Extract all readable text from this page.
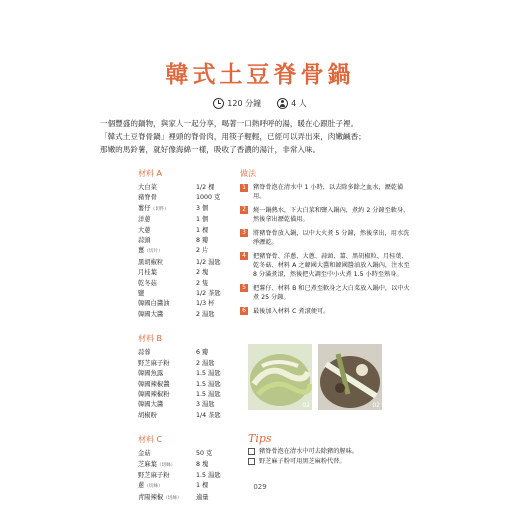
韓式土豆脊骨鍋
120 分鐘	4 人

一個豐盛的鍋物，與家人一起分享，喝著一口熱呼呼的湯，暖在心跟肚子裡。

「韓式土豆脊骨鍋」裡頭的脊骨肉，用筷子輕輕，已經可以弄出來，肉嫩鹹香；

那嫩的馬鈴薯，就好像海綿一樣，吸收了香濃的湯汁，非常入味。

材料 A
大白菜	1/2 棵
豬脊骨	1000 克
薯仔（切件）	3 個
洋蔥	1 個
大蔥	1 棵
蒜頭	8 瓣
薑（切片）	2 片
黑胡椒粒	1/2 湯匙
月桂葉	2 塊
乾冬菇	2 隻
鹽	1/2 茶匙
韓國白醬油	1/3 杯
韓國大醬	2 湯匙
材料 B
蒜蓉	6 瓣
野芝麻子粉	2 湯匙
韓國魚露	1.5 湯匙
韓國辣椒醬	1.5 湯匙
韓國辣椒粉	1.5 湯匙
韓國大醬	3 湯匙
胡椒粉	1/4 茶匙
材料 C
金菇	50 克
芝麻葉（切絲）	8 塊
野芝麻子粉	1.5 湯匙
蔥（切絲）	1 棵
青陽辣椒（切絲）	適量
做法
1	豬脊骨泡在清水中 1 小時，以去除多餘之血水，瀝乾備用。
2	燒一鍋熱水，下大白菜和鹽入鍋內，煮約 2 分鐘至軟身，然後拿出瀝乾備用。
3	將豬脊骨放入鍋，以中大火煮 5 分鐘，然後拿出，用水洗淨瀝乾。
4	把豬脊骨、洋蔥、大蔥、蒜頭、薑、黑胡椒粒、月桂葉、乾冬菇、材料 A 之韓國大醬和韓國醬油放入鍋內，注水至 8 分滿煮滾，然後把火調至中小火煮 1.5 小時至熟身。
5	把薯仔、材料 B 和已煮至軟身之大白菜放入鍋中，以中火煮 25 分鐘。
6	最後加入材料 C 煮滾便可。
02	02
Tips
豬脊骨泡在清水中可去除豬的腥味。
野芝麻子粉可用黑芝麻粉代替。
029
